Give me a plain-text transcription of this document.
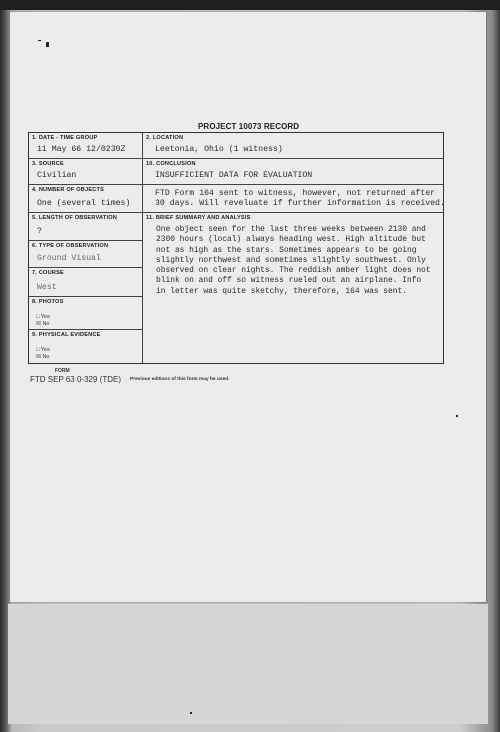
PROJECT 10073 RECORD
1. DATE - TIME GROUP
11 May 66 12/0230Z
2. LOCATION
Leetonia, Ohio (1 witness)
3. SOURCE
Civilian
10. CONCLUSION
INSUFFICIENT DATA FOR EVALUATION
4. NUMBER OF OBJECTS
One (several times)
FTD Form 164 sent to witness, however, not returned after
30 days. Will reveluate if further information is received.
5. LENGTH OF OBSERVATION
?
11. BRIEF SUMMARY AND ANALYSIS
One object seen for the last three weeks between 2130 and
2300 hours (local) always heading west. High altitude but
not as high as the stars. Sometimes appears to be going
slightly northwest and sometimes slightly southwest. Only
observed on clear nights. The reddish amber light does not
blink on and off so witness rueled out an airplane. Info
in letter was quite sketchy, therefore, 164 was sent.
6. TYPE OF OBSERVATION
Ground Visual
7. COURSE
West
8. PHOTOS
□ Yes
☒ No
9. PHYSICAL EVIDENCE
□ Yes
☒ No
FORM
FTD SEP 63 0-329 (TDE) Previous editions of this form may be used.
